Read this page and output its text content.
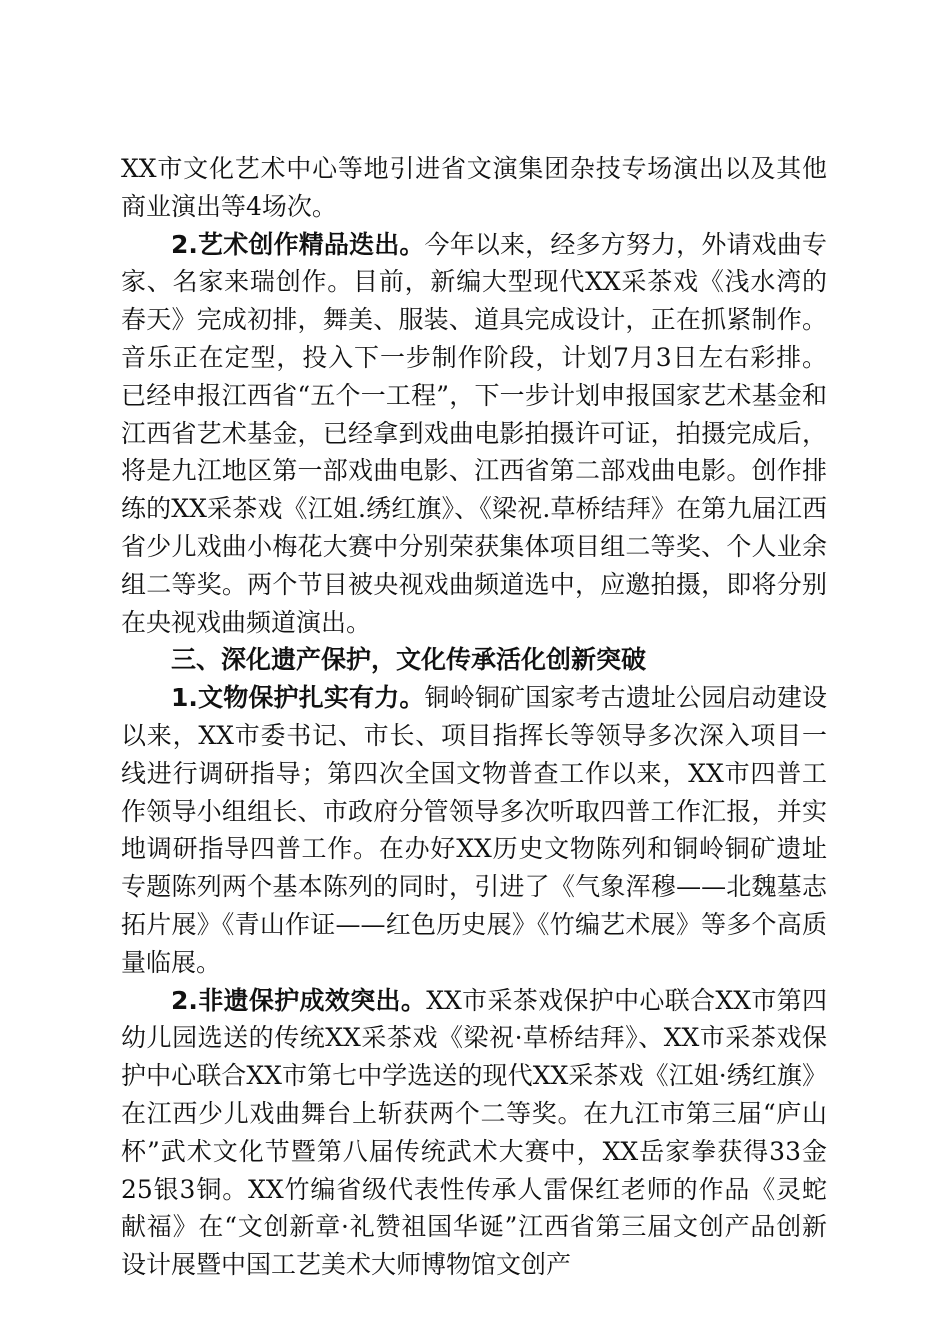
XX市文化艺术中心等地引进省文演集团杂技专场演出以及其他商业演出等4场次。

2.艺术创作精品迭出。今年以来，经多方努力，外请戏曲专家、名家来瑞创作。目前，新编大型现代XX采茶戏《浅水湾的春天》完成初排，舞美、服装、道具完成设计，正在抓紧制作。音乐正在定型，投入下一步制作阶段，计划7月3日左右彩排。已经申报江西省“五个一工程”，下一步计划申报国家艺术基金和江西省艺术基金，已经拿到戏曲电影拍摄许可证，拍摄完成后，将是九江地区第一部戏曲电影、江西省第二部戏曲电影。创作排练的XX采茶戏《江姐.绣红旗》、《梁祝.草桥结拜》在第九届江西省少儿戏曲小梅花大赛中分别荣获集体项目组二等奖、个人业余组二等奖。两个节目被央视戏曲频道选中，应邀拍摄，即将分别在央视戏曲频道演出。

三、深化遗产保护，文化传承活化创新突破

1.文物保护扎实有力。铜岭铜矿国家考古遗址公园启动建设以来，XX市委书记、市长、项目指挥长等领导多次深入项目一线进行调研指导；第四次全国文物普查工作以来，XX市四普工作领导小组组长、市政府分管领导多次听取四普工作汇报，并实地调研指导四普工作。在办好XX历史文物陈列和铜岭铜矿遗址专题陈列两个基本陈列的同时，引进了《气象浑穆——北魏墓志拓片展》《青山作证——红色历史展》《竹编艺术展》等多个高质量临展。

2.非遗保护成效突出。XX市采茶戏保护中心联合XX市第四幼儿园选送的传统XX采茶戏《梁祝·草桥结拜》、XX市采茶戏保护中心联合XX市第七中学选送的现代XX采茶戏《江姐·绣红旗》在江西少儿戏曲舞台上斩获两个二等奖。在九江市第三届“庐山杯”武术文化节暨第八届传统武术大赛中，XX岳家拳获得33金25银3铜。XX竹编省级代表性传承人雷保红老师的作品《灵蛇献福》在“文创新章·礼赞祖国华诞”江西省第三届文创产品创新设计展暨中国工艺美术大师博物馆文创产
